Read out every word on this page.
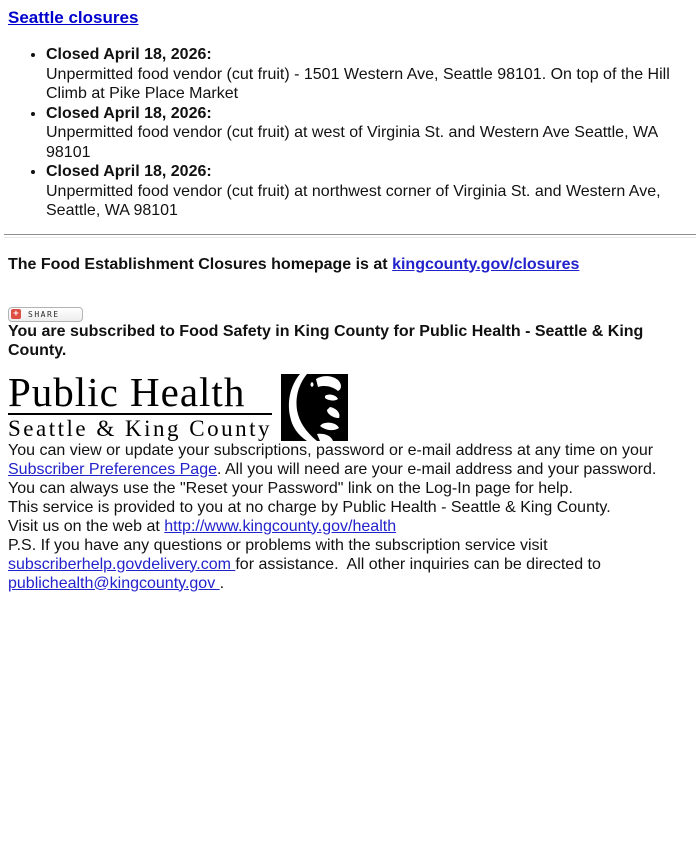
Seattle closures
• Closed April 18, 2026:
Unpermitted food vendor (cut fruit) - 1501 Western Ave, Seattle 98101. On top of the Hill Climb at Pike Place Market
• Closed April 18, 2026:
Unpermitted food vendor (cut fruit) at west of Virginia St. and Western Ave Seattle, WA 98101
• Closed April 18, 2026:
Unpermitted food vendor (cut fruit) at northwest corner of Virginia St. and Western Ave, Seattle, WA 98101

The Food Establishment Closures homepage is at kingcounty.gov/closures

+ SHARE

You are subscribed to Food Safety in King County for Public Health - Seattle & King County.

Public Health
Seattle & King County

You can view or update your subscriptions, password or e-mail address at any time on your Subscriber Preferences Page. All you will need are your e-mail address and your password.

You can always use the "Reset your Password" link on the Log-In page for help.

This service is provided to you at no charge by Public Health - Seattle & King County.

Visit us on the web at http://www.kingcounty.gov/health

P.S. If you have any questions or problems with the subscription service visit subscriberhelp.govdelivery.com for assistance.  All other inquiries can be directed to publichealth@kingcounty.gov .
